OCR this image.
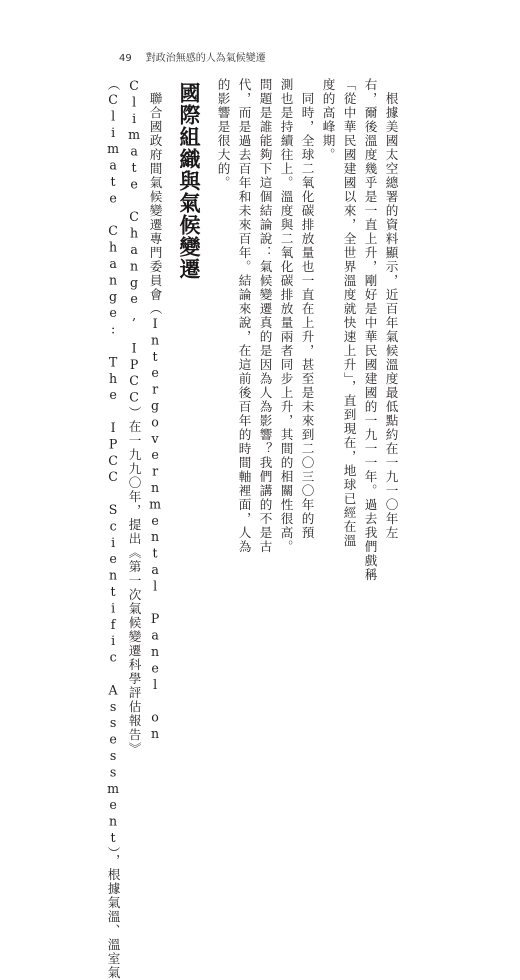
49 對政治無感的人為氣候變遷
　根據美國太空總署的資料顯示，近百年氣候溫度最低點約在一九一〇年左
右，爾後溫度幾乎是一直上升，剛好是中華民國建國的一九一一年。過去我們戲稱
「從中華民國建國以來，全世界溫度就快速上升」，直到現在，地球已經在溫
度的高峰期。
　同時，全球二氧化碳排放量也一直在上升，甚至是未來到二〇三〇年的預
測也是持續往上。溫度與二氧化碳排放量兩者同步上升，其間的相關性很高。
問題是誰能夠下這個結論說：氣候變遷真的是因為人為影響？我們講的不是古
代，而是過去百年和未來百年。結論來說，在這前後百年的時間軸裡面，人為
的影響是很大的。
國際組織與氣候變遷
　聯合國政府間氣候變遷專門委員會（Intergovernmental Panel on
Climate Change, IPCC）在一九九〇年，提出《第一次氣候變遷科學評估報告》
（Climate Change: The IPCC Scientific Assessment），根據氣溫、溫室氣
